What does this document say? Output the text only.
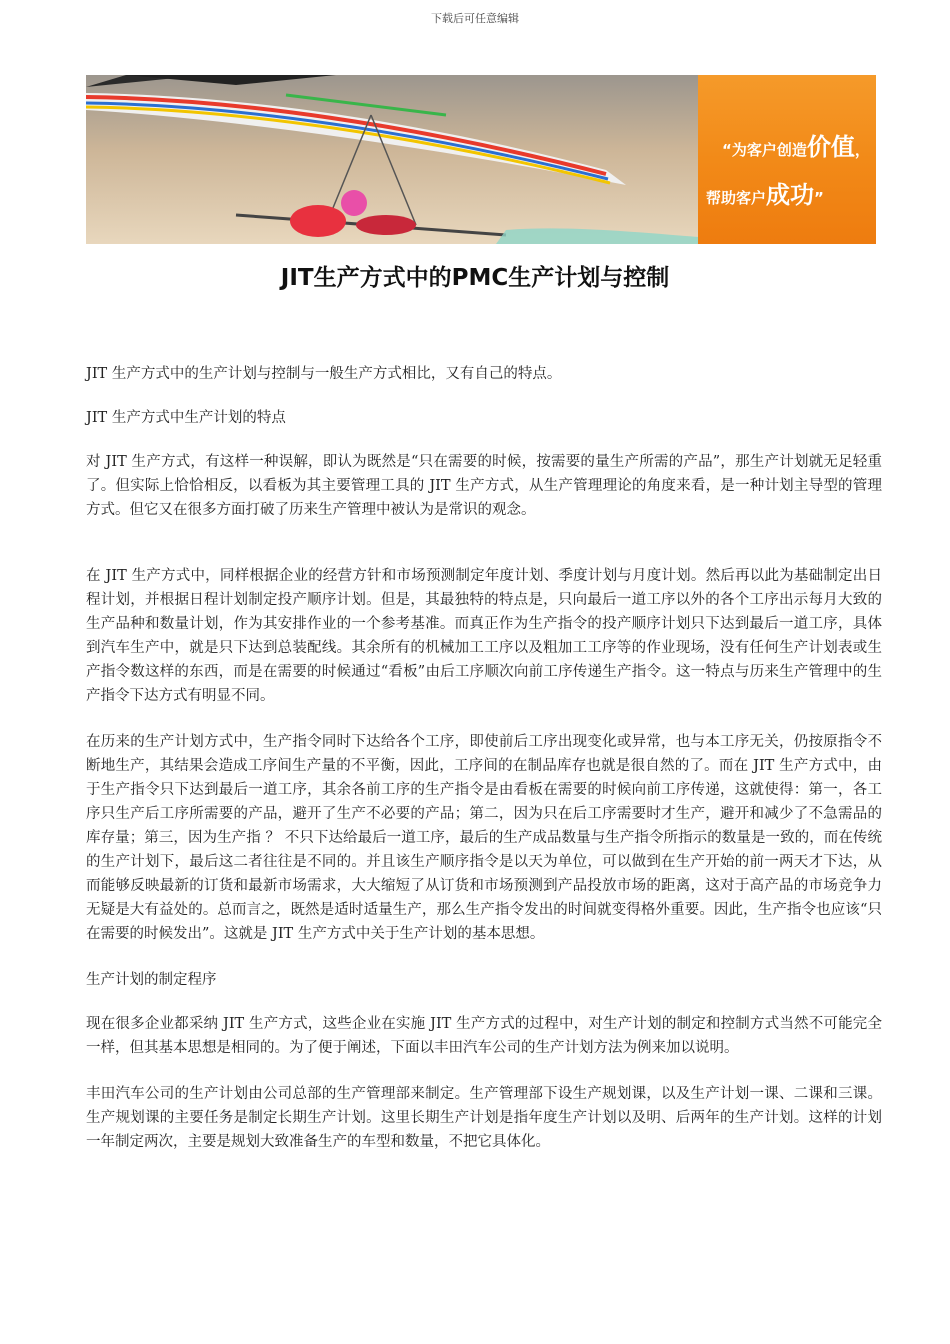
下载后可任意编辑
“为客户创造价值，
帮助客户成功”
JIT生产方式中的PMC生产计划与控制

JIT 生产方式中的生产计划与控制与一般生产方式相比，又有自己的特点。

JIT 生产方式中生产计划的特点

对 JIT 生产方式，有这样一种误解，即认为既然是“只在需要的时候，按需要的量生产所需的产品”，那生产计划就无足轻重了。但实际上恰恰相反，以看板为其主要管理工具的 JIT 生产方式，从生产管理理论的角度来看，是一种计划主导型的管理方式。但它又在很多方面打破了历来生产管理中被认为是常识的观念。

在 JIT 生产方式中，同样根据企业的经营方针和市场预测制定年度计划、季度计划与月度计划。然后再以此为基础制定出日程计划，并根据日程计划制定投产顺序计划。但是，其最独特的特点是，只向最后一道工序以外的各个工序出示每月大致的生产品种和数量计划，作为其安排作业的一个参考基准。而真正作为生产指令的投产顺序计划只下达到最后一道工序，具体到汽车生产中，就是只下达到总装配线。其余所有的机械加工工序以及粗加工工序等的作业现场，没有任何生产计划表或生产指令数这样的东西，而是在需要的时候通过“看板”由后工序顺次向前工序传递生产指令。这一特点与历来生产管理中的生产指令下达方式有明显不同。

在历来的生产计划方式中，生产指令同时下达给各个工序，即使前后工序出现变化或异常，也与本工序无关，仍按原指令不断地生产，其结果会造成工序间生产量的不平衡，因此，工序间的在制品库存也就是很自然的了。而在 JIT 生产方式中，由于生产指令只下达到最后一道工序，其余各前工序的生产指令是由看板在需要的时候向前工序传递，这就使得：第一，各工序只生产后工序所需要的产品，避开了生产不必要的产品；第二，因为只在后工序需要时才生产，避开和减少了不急需品的库存量；第三，因为生产指 ？ 不只下达给最后一道工序，最后的生产成品数量与生产指令所指示的数量是一致的，而在传统的生产计划下，最后这二者往往是不同的。并且该生产顺序指令是以天为单位，可以做到在生产开始的前一两天才下达，从而能够反映最新的订货和最新市场需求，大大缩短了从订货和市场预测到产品投放市场的距离，这对于高产品的市场竞争力无疑是大有益处的。总而言之，既然是适时适量生产，那么生产指令发出的时间就变得格外重要。因此，生产指令也应该“只在需要的时候发出”。这就是 JIT 生产方式中关于生产计划的基本思想。

生产计划的制定程序

现在很多企业都采纳 JIT 生产方式，这些企业在实施 JIT 生产方式的过程中，对生产计划的制定和控制方式当然不可能完全一样，但其基本思想是相同的。为了便于阐述，下面以丰田汽车公司的生产计划方法为例来加以说明。

丰田汽车公司的生产计划由公司总部的生产管理部来制定。生产管理部下设生产规划课，以及生产计划一课、二课和三课。生产规划课的主要任务是制定长期生产计划。这里长期生产计划是指年度生产计划以及明、后两年的生产计划。这样的计划一年制定两次，主要是规划大致准备生产的车型和数量，不把它具体化。
